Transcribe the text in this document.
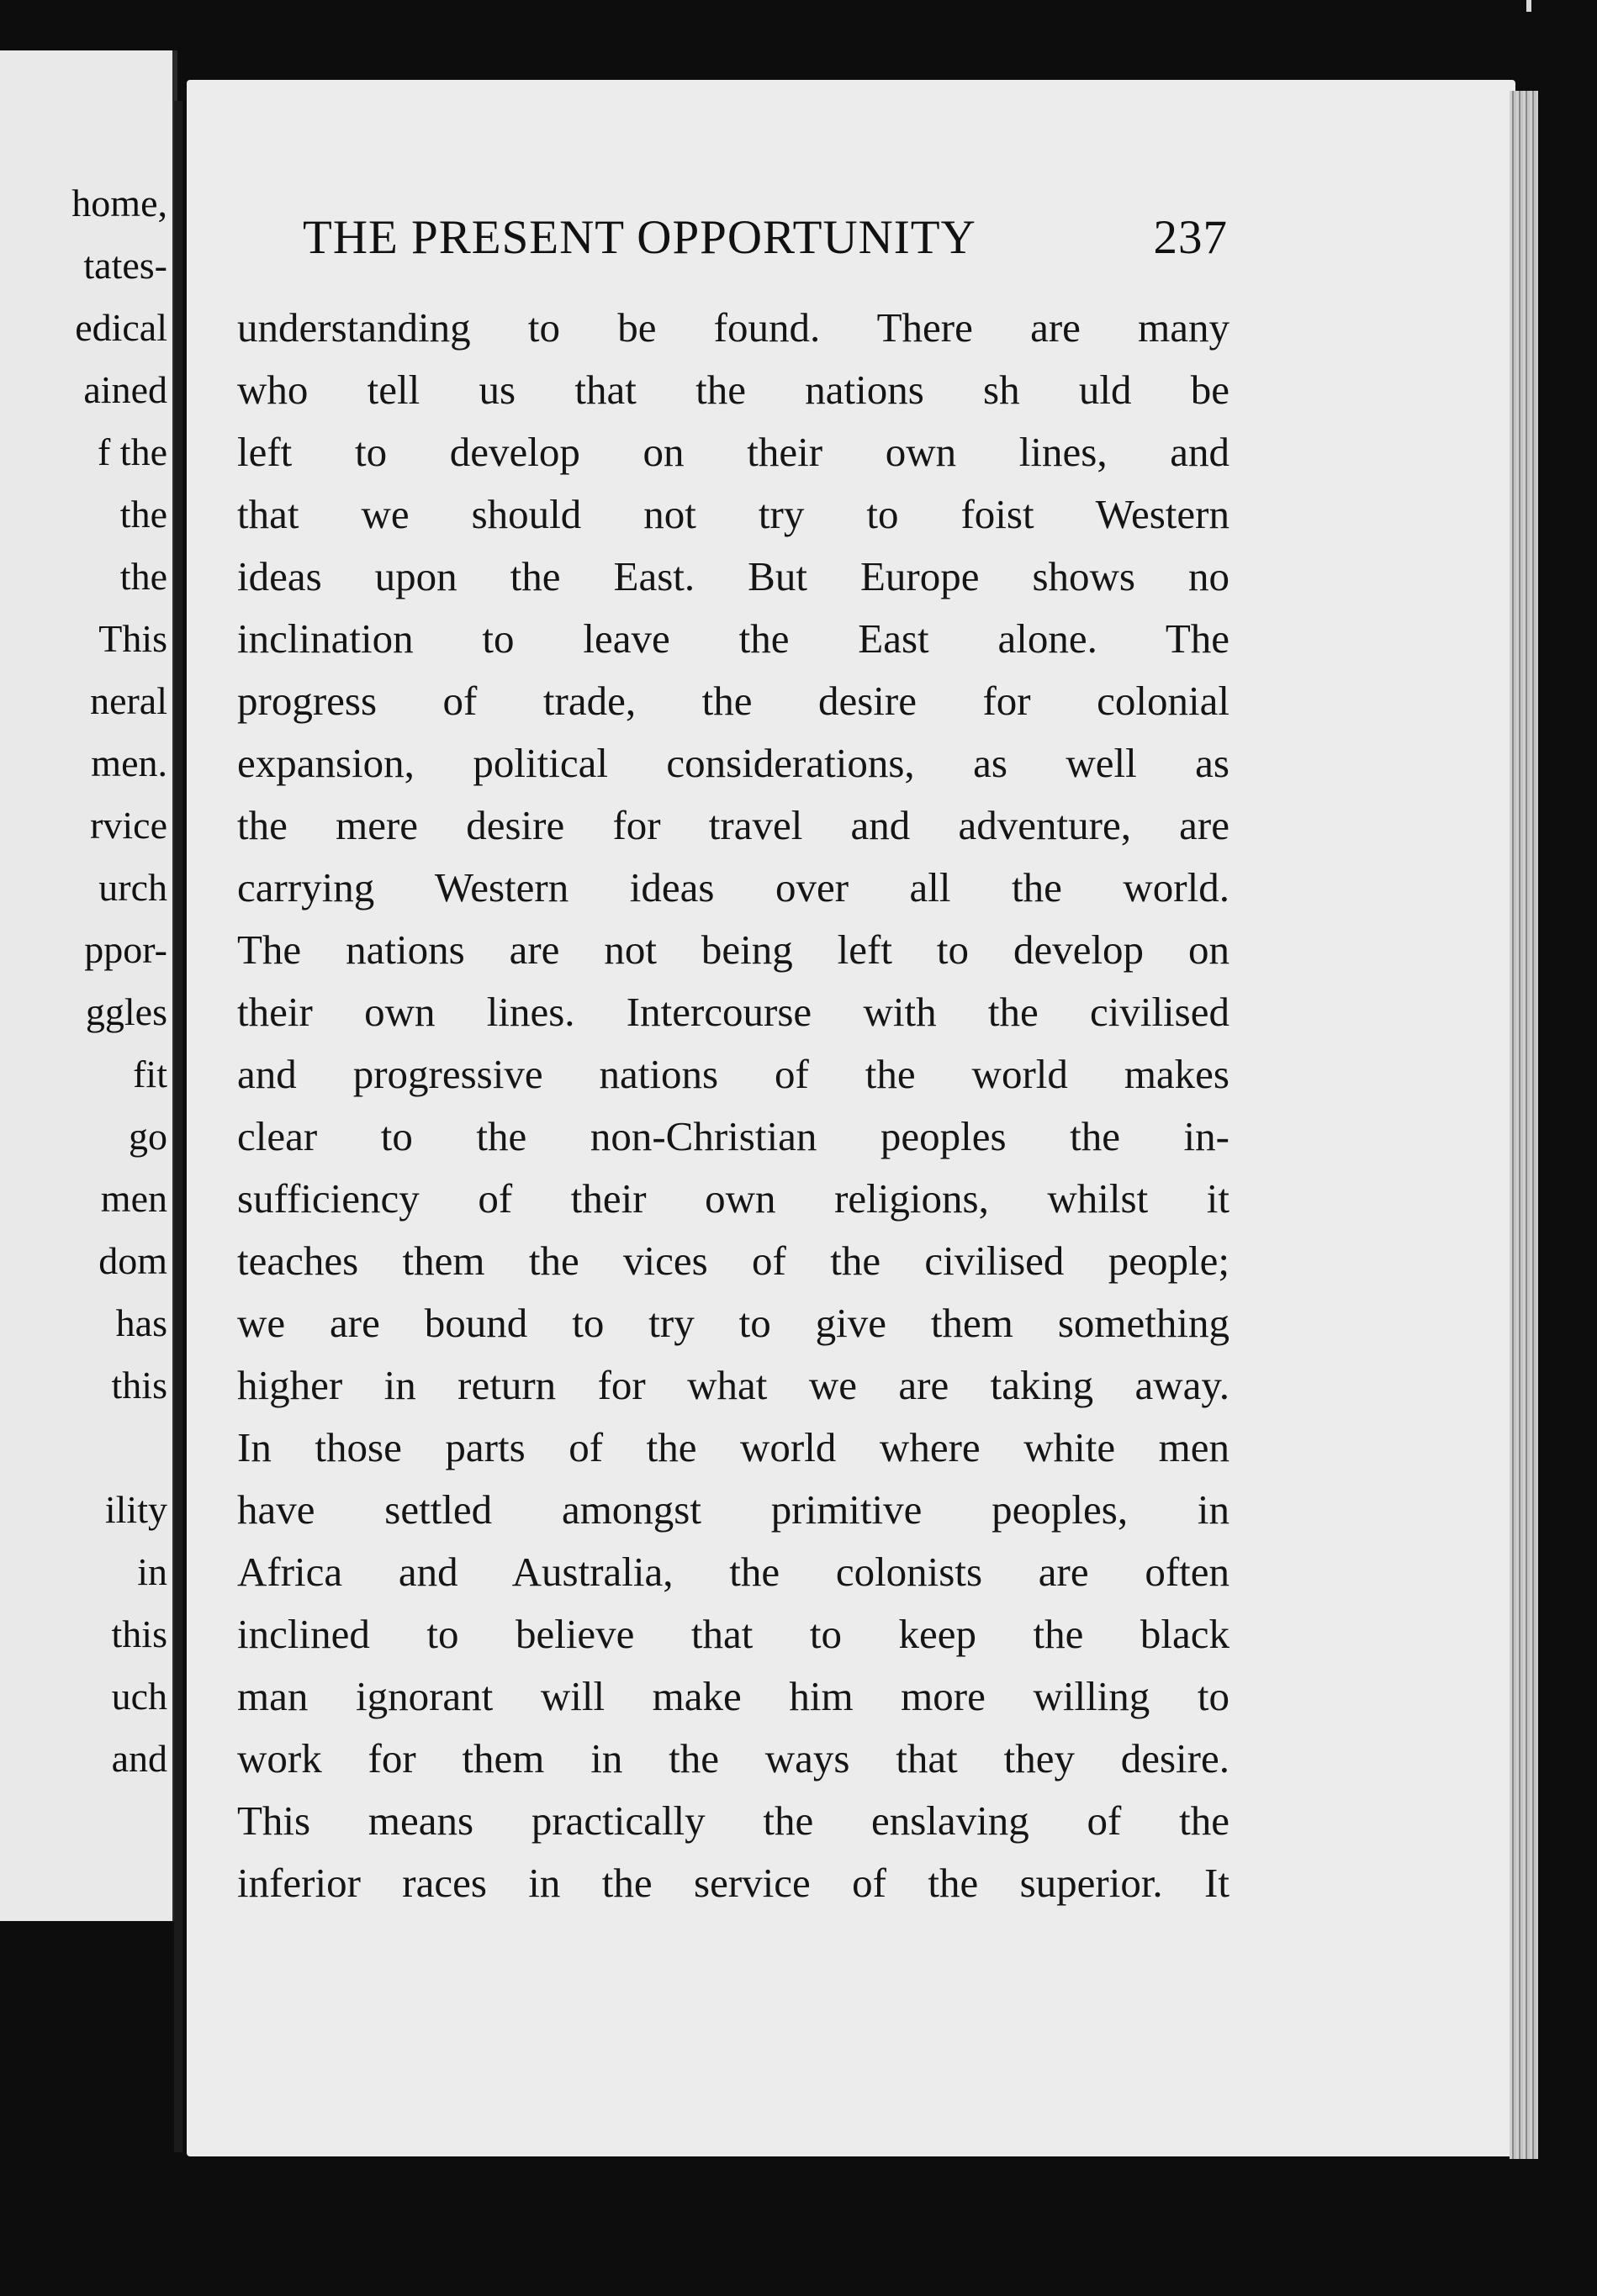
home,
tates-
edical
ained
f the
the
the
This
neral
men.
rvice
urch
ppor-
ggles
fit
go
men
dom
has
this
ility
in
this
uch
and
THE PRESENT OPPORTUNITY	237
understanding to be found. There are many
who tell us that the nations sh uld be
left to develop on their own lines, and
that we should not try to foist Western
ideas upon the East. But Europe shows no
inclination to leave the East alone. The
progress of trade, the desire for colonial
expansion, political considerations, as well as
the mere desire for travel and adventure, are
carrying Western ideas over all the world.
The nations are not being left to develop on
their own lines. Intercourse with the civilised
and progressive nations of the world makes
clear to the non-Christian peoples the in-
sufficiency of their own religions, whilst it
teaches them the vices of the civilised people;
we are bound to try to give them something
higher in return for what we are taking away.
In those parts of the world where white men
have settled amongst primitive peoples, in
Africa and Australia, the colonists are often
inclined to believe that to keep the black
man ignorant will make him more willing to
work for them in the ways that they desire.
This means practically the enslaving of the
inferior races in the service of the superior. It
